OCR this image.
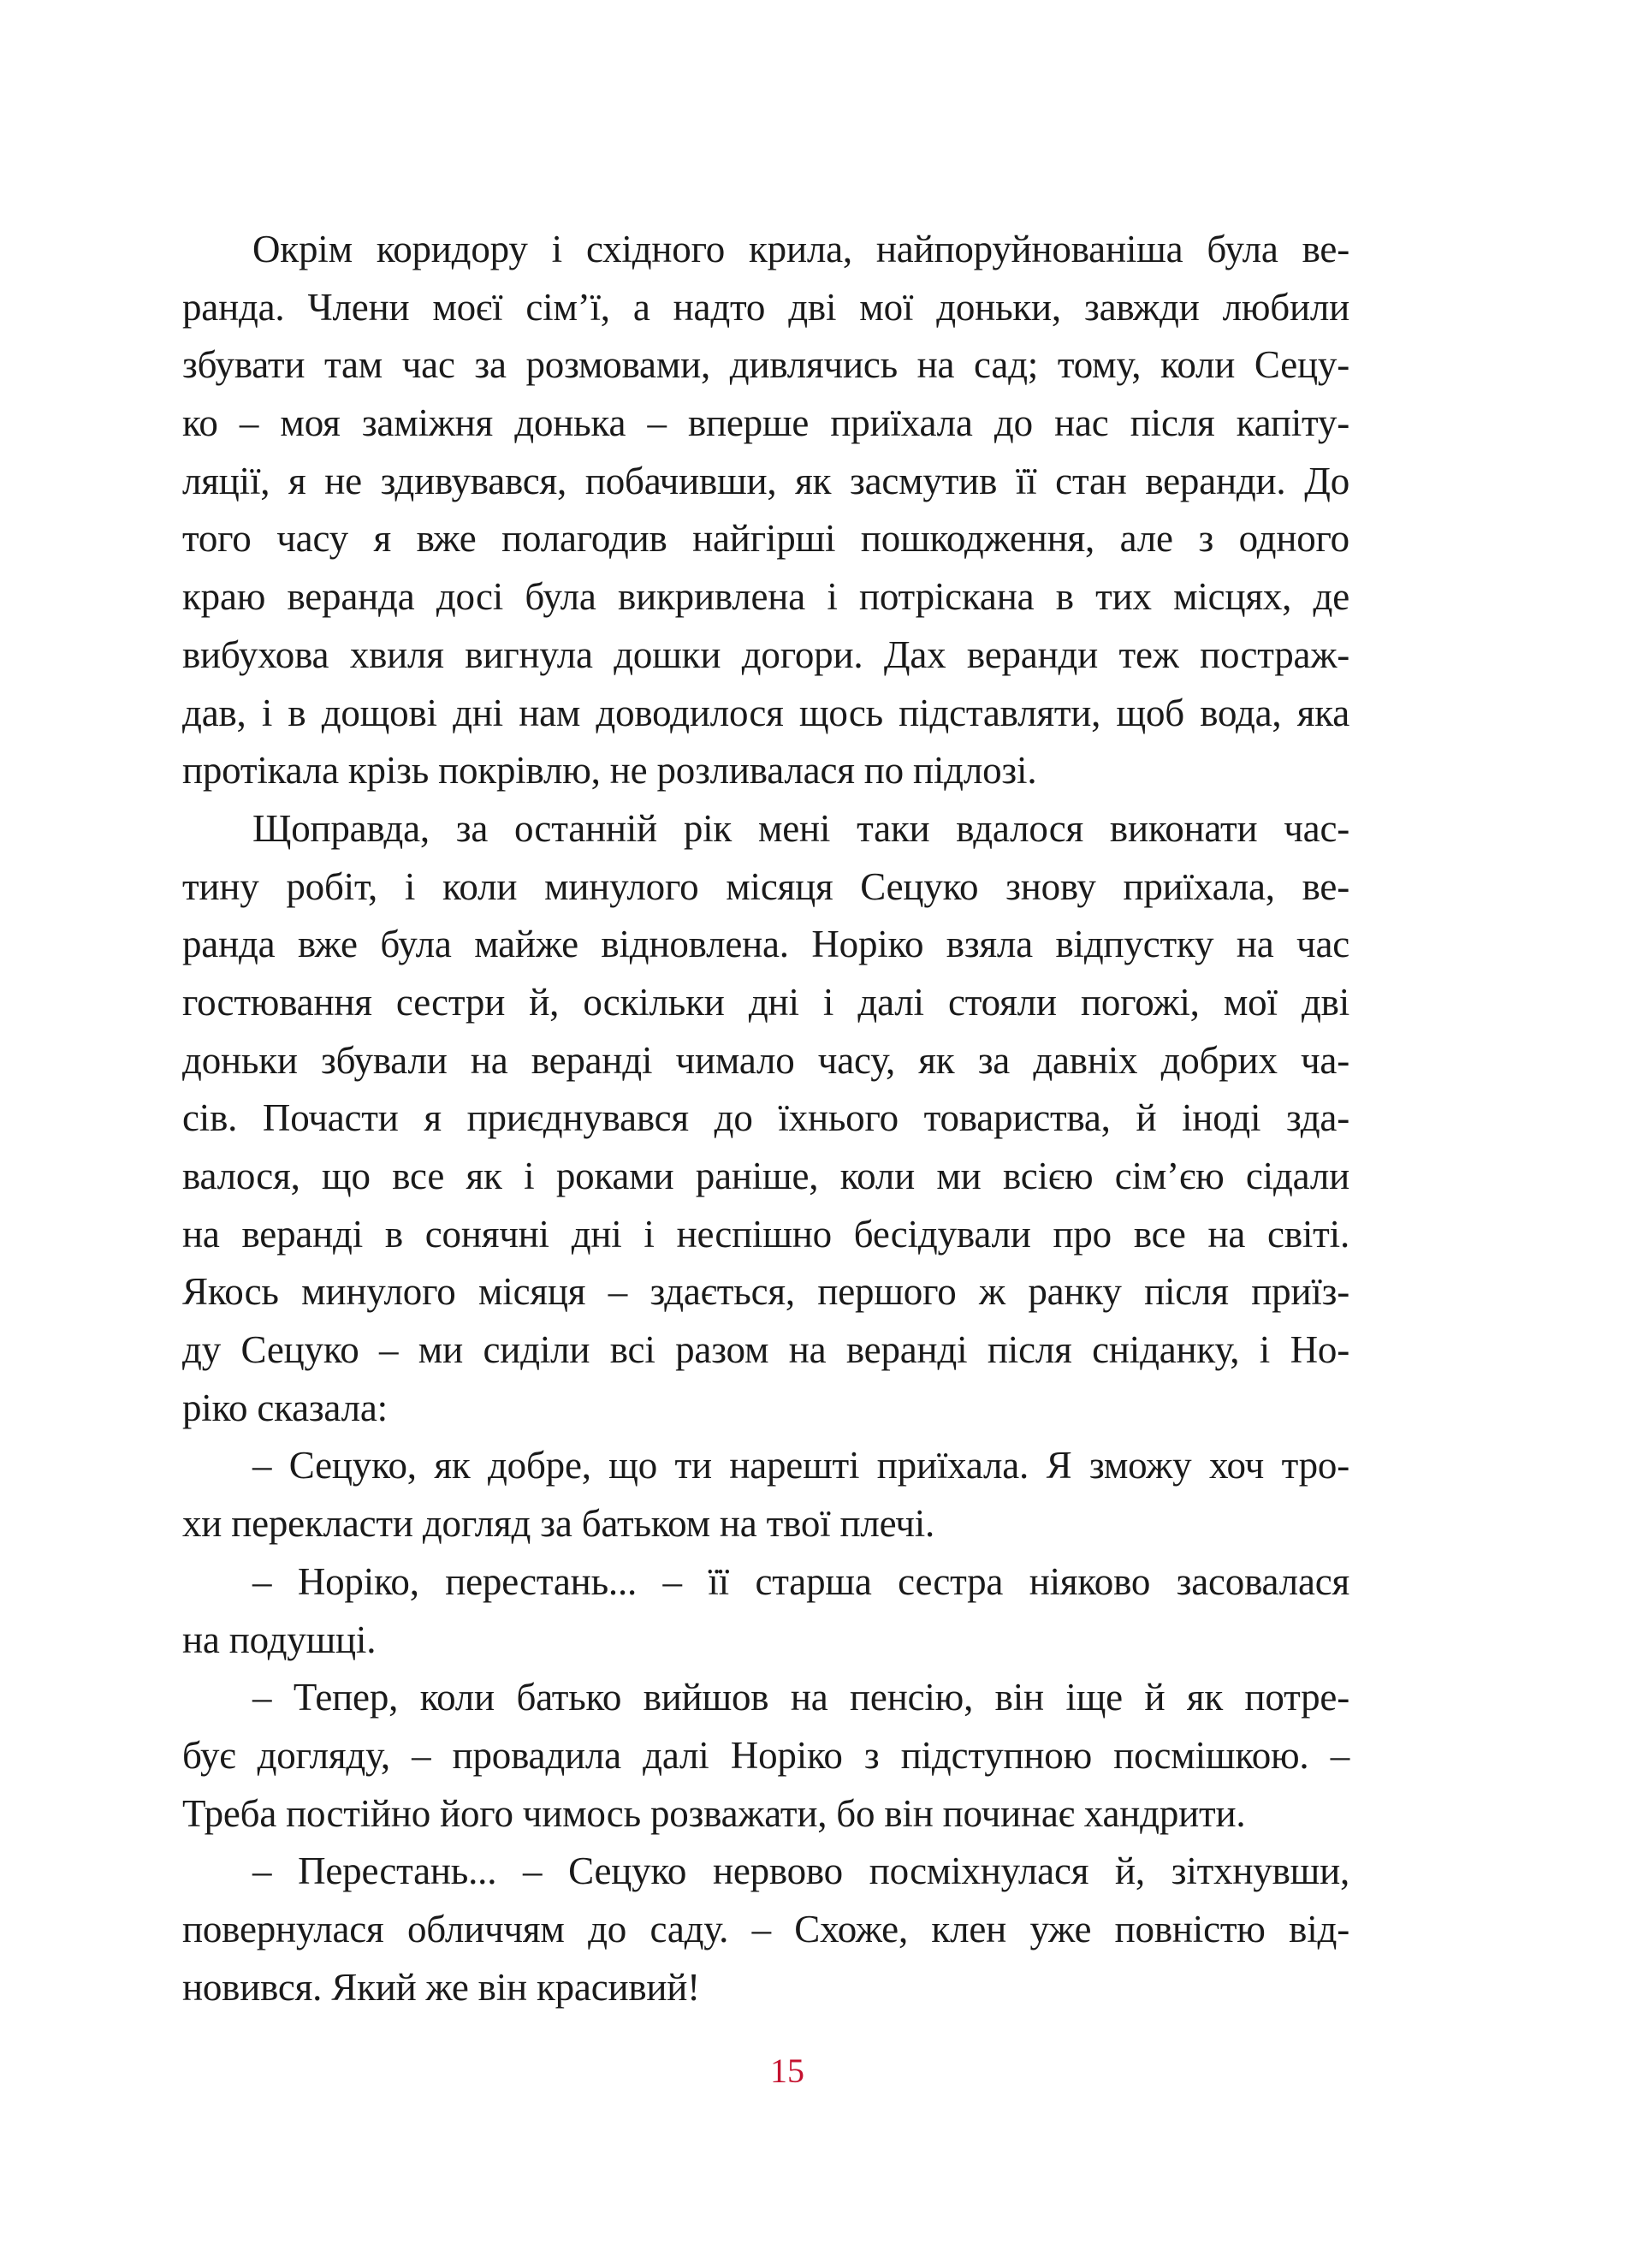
Окрім коридору і східного крила, найпоруйнованіша була ве-
ранда. Члени моєї сім’ї, а надто дві мої доньки, завжди любили
збувати там час за розмовами, дивлячись на сад; тому, коли Сецу-
ко – моя заміжня донька – вперше приїхала до нас після капіту-
ляції, я не здивувався, побачивши, як засмутив її стан веранди. До
того часу я вже полагодив найгірші пошкодження, але з одного
краю веранда досі була викривлена і потріскана в тих місцях, де
вибухова хвиля вигнула дошки догори. Дах веранди теж постраж-
дав, і в дощові дні нам доводилося щось підставляти, щоб вода, яка
протікала крізь покрівлю, не розливалася по підлозі.
Щоправда, за останній рік мені таки вдалося виконати час-
тину робіт, і коли минулого місяця Сецуко знову приїхала, ве-
ранда вже була майже відновлена. Норіко взяла відпустку на час
гостювання сестри й, оскільки дні і далі стояли погожі, мої дві
доньки збували на веранді чимало часу, як за давніх добрих ча-
сів. Почасти я приєднувався до їхнього товариства, й іноді зда-
валося, що все як і роками раніше, коли ми всією сім’єю сідали
на веранді в сонячні дні і неспішно бесідували про все на світі.
Якось минулого місяця – здається, першого ж ранку після приїз-
ду Сецуко – ми сиділи всі разом на веранді після сніданку, і Но-
ріко сказала:
– Сецуко, як добре, що ти нарешті приїхала. Я зможу хоч тро-
хи перекласти догляд за батьком на твої плечі.
– Норіко, перестань... – її старша сестра ніяково засовалася
на подушці.
– Тепер, коли батько вийшов на пенсію, він іще й як потре-
бує догляду, – провадила далі Норіко з підступною посмішкою. –
Треба постійно його чимось розважати, бо він починає хандрити.
– Перестань... – Сецуко нервово посміхнулася й, зітхнувши,
повернулася обличчям до саду. – Схоже, клен уже повністю від-
новився. Який же він красивий!
15
